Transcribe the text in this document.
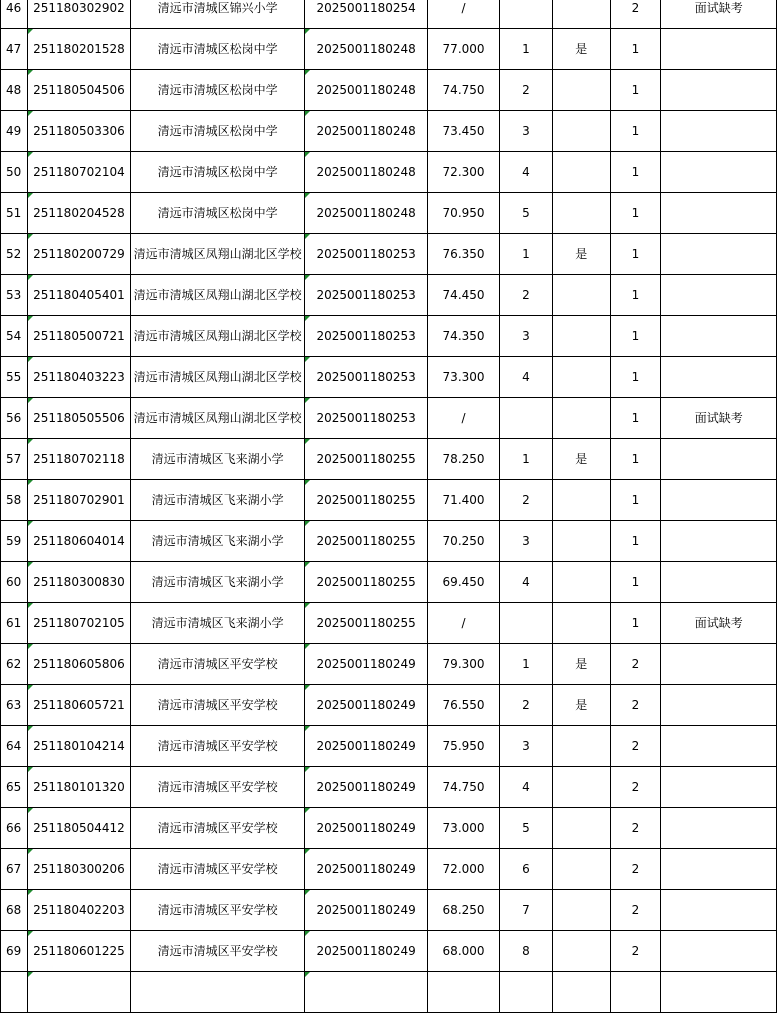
46	251180302902	清远市清城区锦兴小学	2025001180254	/			2	面试缺考
47	251180201528	清远市清城区松岗中学	2025001180248	77.000	1	是	1	
48	251180504506	清远市清城区松岗中学	2025001180248	74.750	2		1	
49	251180503306	清远市清城区松岗中学	2025001180248	73.450	3		1	
50	251180702104	清远市清城区松岗中学	2025001180248	72.300	4		1	
51	251180204528	清远市清城区松岗中学	2025001180248	70.950	5		1	
52	251180200729	清远市清城区凤翔山湖北区学校	2025001180253	76.350	1	是	1	
53	251180405401	清远市清城区凤翔山湖北区学校	2025001180253	74.450	2		1	
54	251180500721	清远市清城区凤翔山湖北区学校	2025001180253	74.350	3		1	
55	251180403223	清远市清城区凤翔山湖北区学校	2025001180253	73.300	4		1	
56	251180505506	清远市清城区凤翔山湖北区学校	2025001180253	/			1	面试缺考
57	251180702118	清远市清城区飞来湖小学	2025001180255	78.250	1	是	1	
58	251180702901	清远市清城区飞来湖小学	2025001180255	71.400	2		1	
59	251180604014	清远市清城区飞来湖小学	2025001180255	70.250	3		1	
60	251180300830	清远市清城区飞来湖小学	2025001180255	69.450	4		1	
61	251180702105	清远市清城区飞来湖小学	2025001180255	/			1	面试缺考
62	251180605806	清远市清城区平安学校	2025001180249	79.300	1	是	2	
63	251180605721	清远市清城区平安学校	2025001180249	76.550	2	是	2	
64	251180104214	清远市清城区平安学校	2025001180249	75.950	3		2	
65	251180101320	清远市清城区平安学校	2025001180249	74.750	4		2	
66	251180504412	清远市清城区平安学校	2025001180249	73.000	5		2	
67	251180300206	清远市清城区平安学校	2025001180249	72.000	6		2	
68	251180402203	清远市清城区平安学校	2025001180249	68.250	7		2	
69	251180601225	清远市清城区平安学校	2025001180249	68.000	8		2	
